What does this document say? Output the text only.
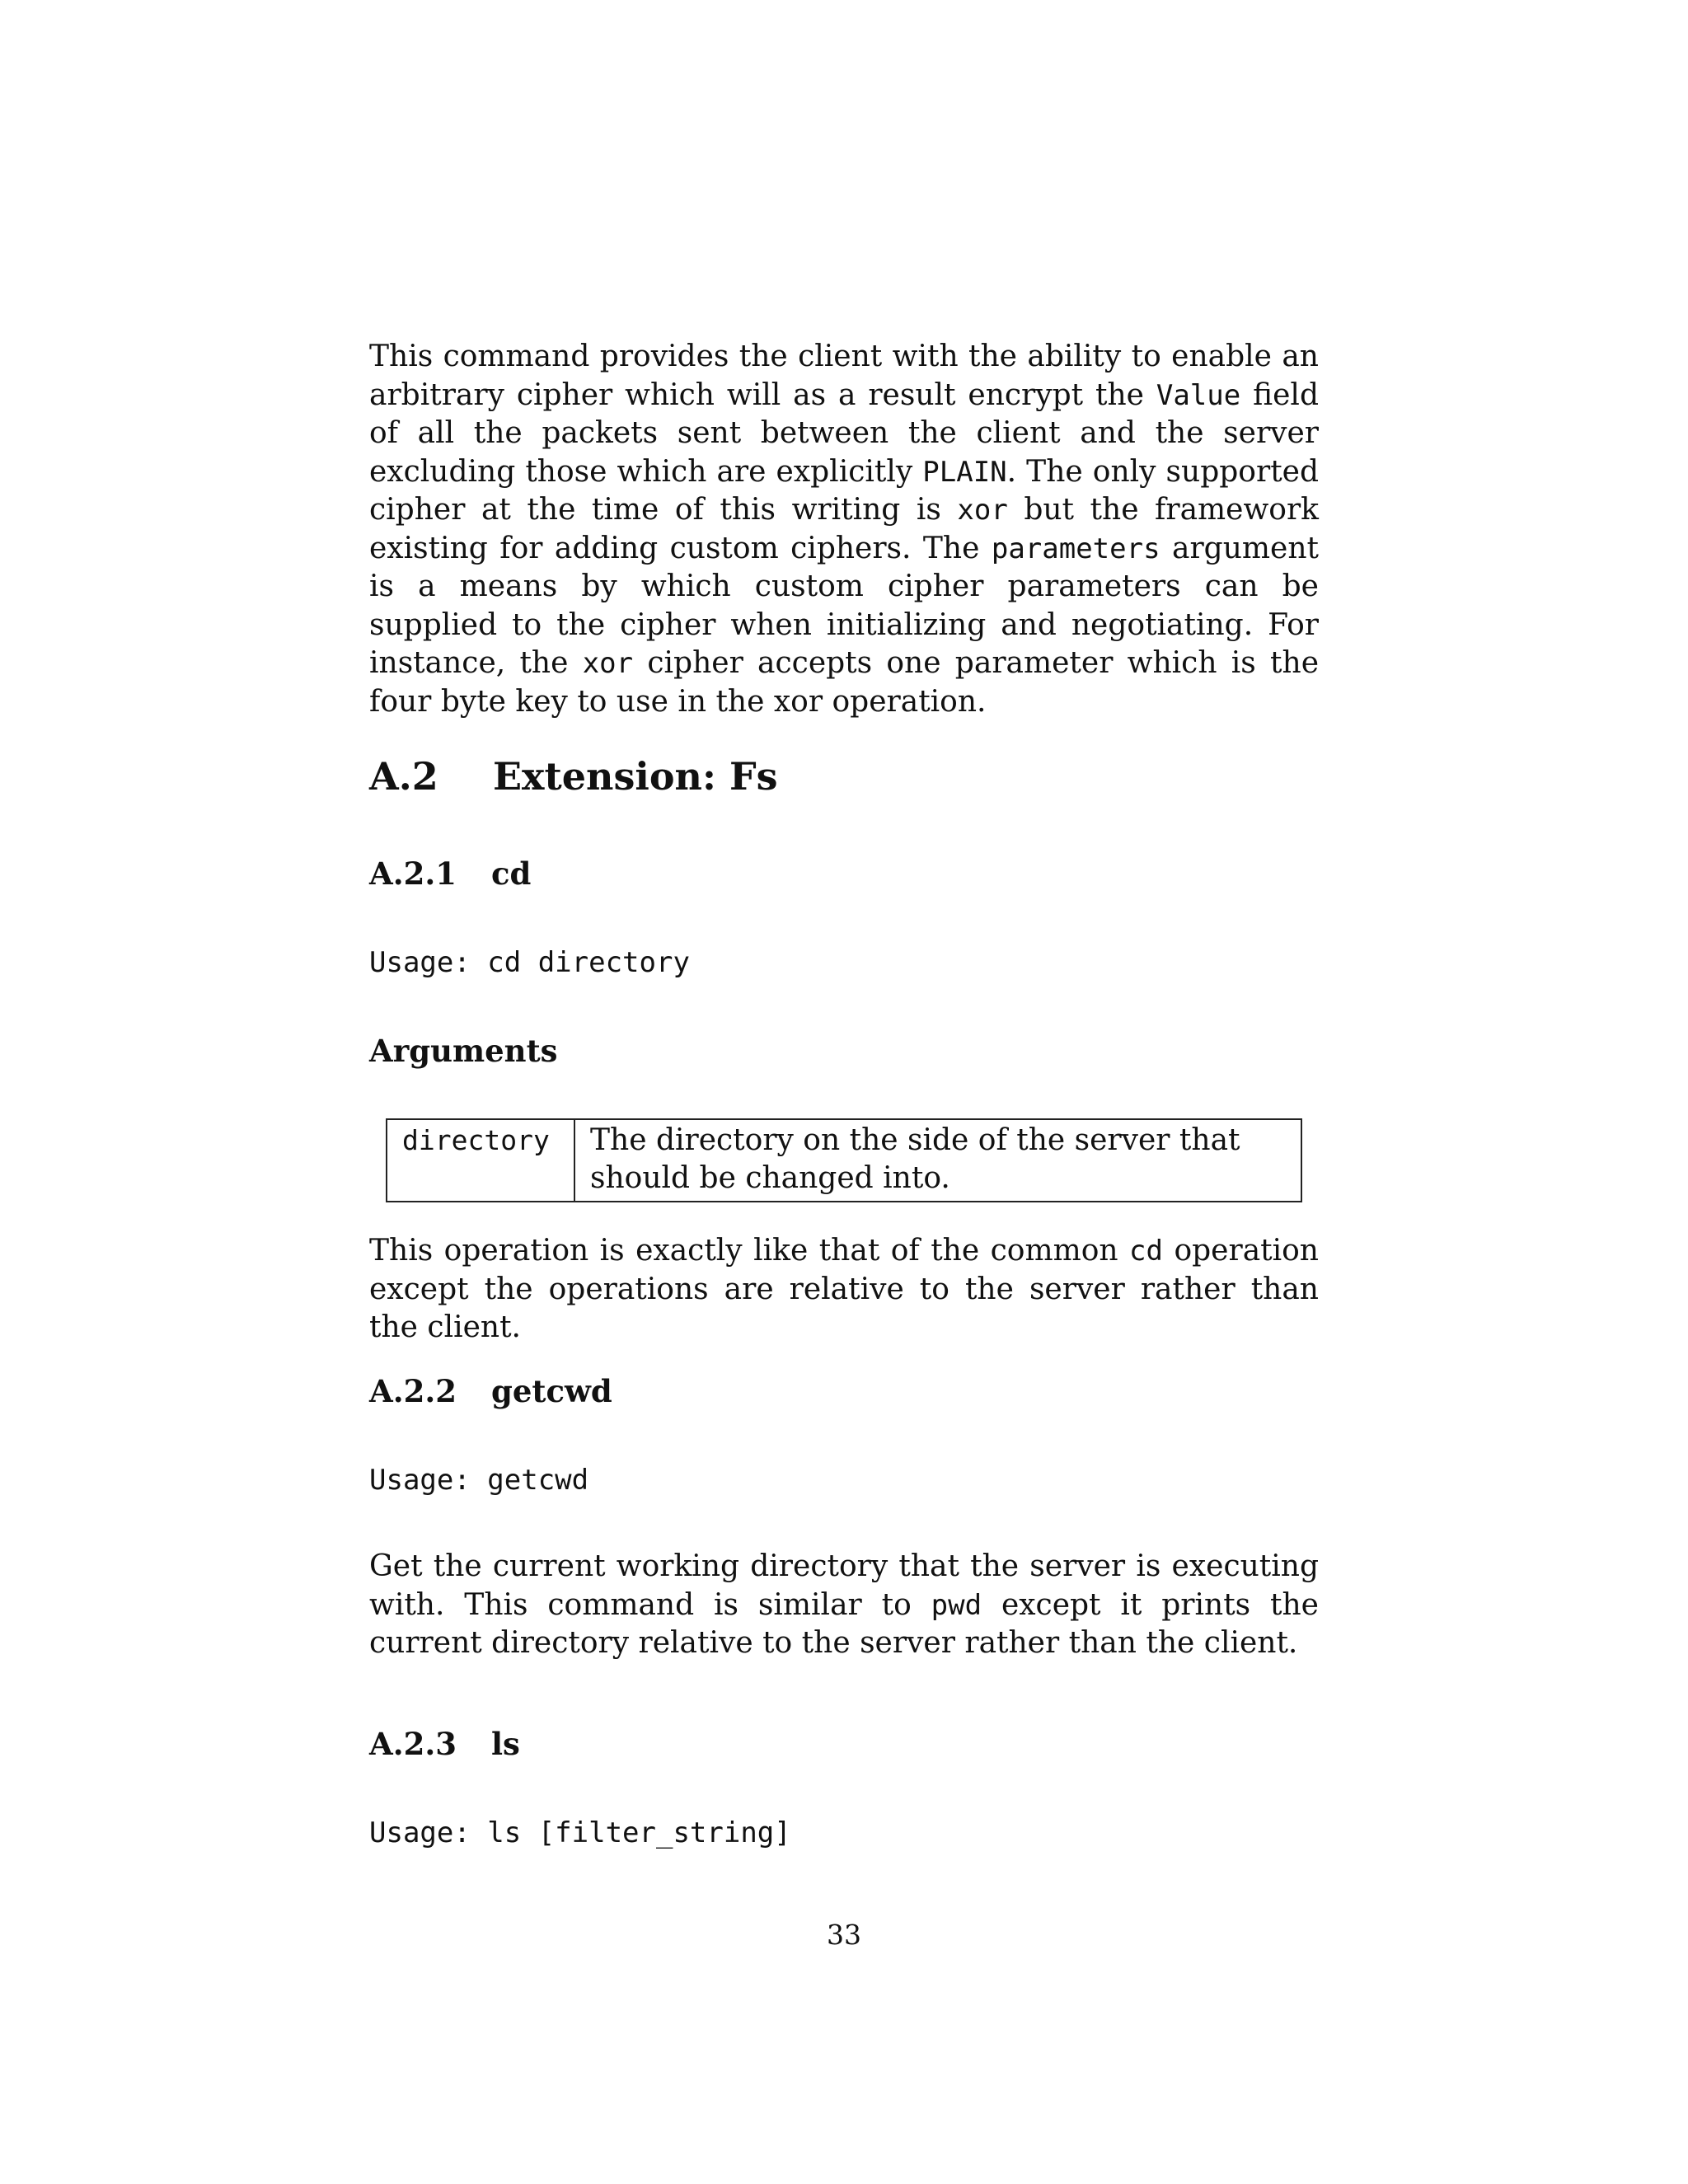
This command provides the client with the ability to enable an arbitrary cipher which will as a result encrypt the Value field of all the packets sent between the client and the server excluding those which are explicitly PLAIN. The only supported cipher at the time of this writing is xor but the framework existing for adding custom ciphers. The parameters argument is a means by which custom cipher parameters can be supplied to the cipher when initializing and negotiating. For instance, the xor cipher accepts one parameter which is the four byte key to use in the xor operation.

A.2 Extension: Fs
A.2.1 cd

Usage: cd directory

Arguments
directory	The directory on the side of the server that should be changed into.

This operation is exactly like that of the common cd operation except the operations are relative to the server rather than the client.

A.2.2 getcwd

Usage: getcwd

Get the current working directory that the server is executing with. This command is similar to pwd except it prints the current directory relative to the server rather than the client.

A.2.3 ls

Usage: ls [filter_string]

33
